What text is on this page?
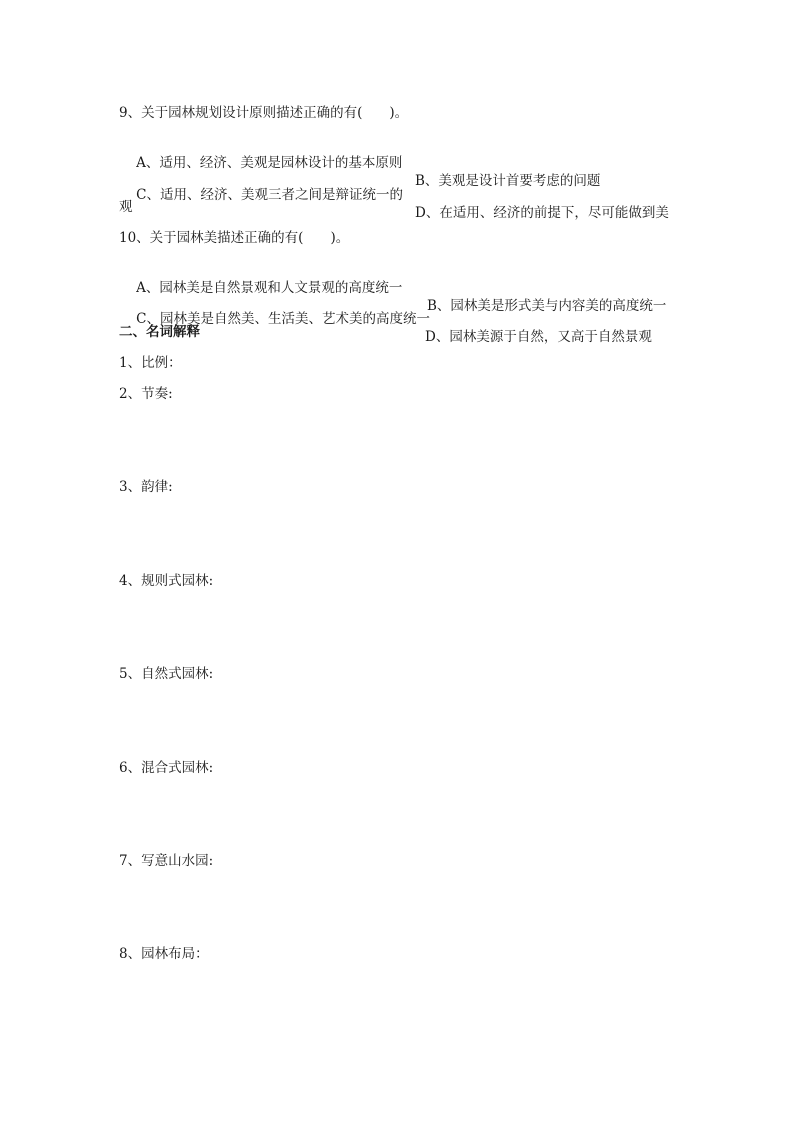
9、关于园林规划设计原则描述正确的有(　　)。

A、适用、经济、美观是园林设计的基本原则

B、美观是设计首要考虑的问题

C、适用、经济、美观三者之间是辩证统一的

D、在适用、经济的前提下，尽可能做到美

观
10、关于园林美描述正确的有(　　)。

A、园林美是自然景观和人文景观的高度统一

B、园林美是形式美与内容美的高度统一

C、园林美是自然美、生活美、艺术美的高度统一

D、园林美源于自然，又高于自然景观

二、名词解释
1、比例：
2、节奏:
3、韵律:
4、规则式园林:
5、自然式园林:
6、混合式园林:
7、写意山水园:
8、园林布局：
